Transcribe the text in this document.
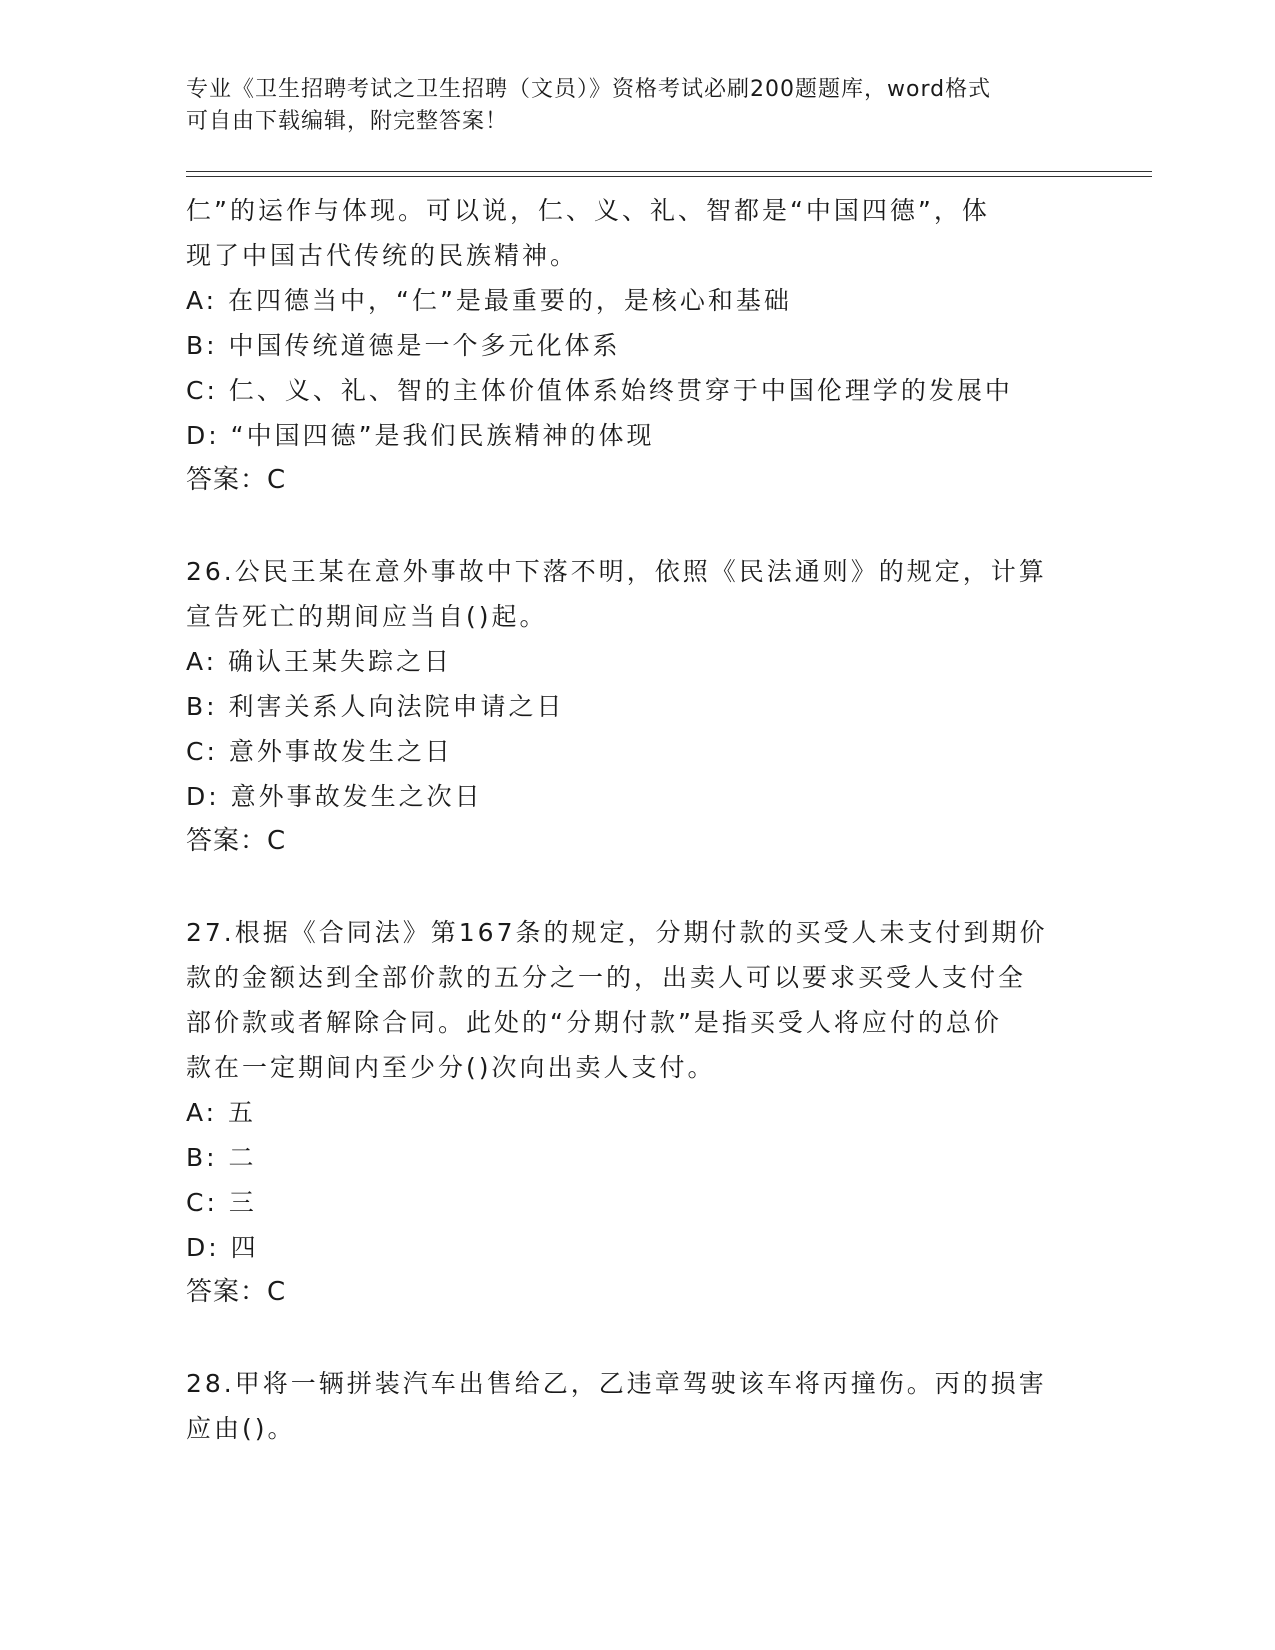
专业《卫生招聘考试之卫生招聘（文员）》资格考试必刷200题题库，word格式
可自由下载编辑，附完整答案！
仁”的运作与体现。可以说，仁、义、礼、智都是“中国四德”，体
现了中国古代传统的民族精神。
A: 在四德当中，“仁”是最重要的，是核心和基础
B: 中国传统道德是一个多元化体系
C: 仁、义、礼、智的主体价值体系始终贯穿于中国伦理学的发展中
D: “中国四德”是我们民族精神的体现
答案：C
26.公民王某在意外事故中下落不明，依照《民法通则》的规定，计算
宣告死亡的期间应当自()起。
A: 确认王某失踪之日
B: 利害关系人向法院申请之日
C: 意外事故发生之日
D: 意外事故发生之次日
答案：C
27.根据《合同法》第167条的规定，分期付款的买受人未支付到期价
款的金额达到全部价款的五分之一的，出卖人可以要求买受人支付全
部价款或者解除合同。此处的“分期付款”是指买受人将应付的总价
款在一定期间内至少分()次向出卖人支付。
A: 五
B: 二
C: 三
D: 四
答案：C
28.甲将一辆拼装汽车出售给乙，乙违章驾驶该车将丙撞伤。丙的损害
应由()。
